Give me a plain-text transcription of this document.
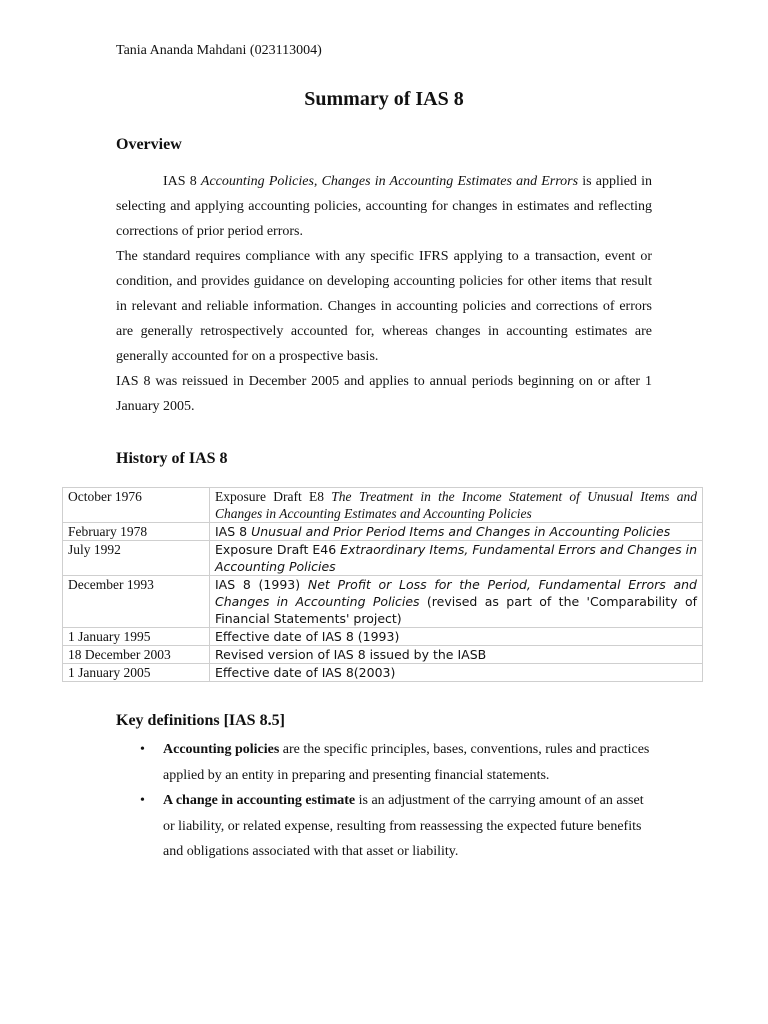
Tania Ananda Mahdani (023113004)
Summary of IAS 8
Overview

IAS 8 Accounting Policies, Changes in Accounting Estimates and Errors is applied in selecting and applying accounting policies, accounting for changes in estimates and reflecting corrections of prior period errors.

The standard requires compliance with any specific IFRS applying to a transaction, event or condition, and provides guidance on developing accounting policies for other items that result in relevant and reliable information. Changes in accounting policies and corrections of errors are generally retrospectively accounted for, whereas changes in accounting estimates are generally accounted for on a prospective basis.

IAS 8 was reissued in December 2005 and applies to annual periods beginning on or after 1 January 2005.

History of IAS 8
October 1976	Exposure Draft E8 The Treatment in the Income Statement of Unusual Items and Changes in Accounting Estimates and Accounting Policies
February 1978	IAS 8 Unusual and Prior Period Items and Changes in Accounting Policies
July 1992	Exposure Draft E46 Extraordinary Items, Fundamental Errors and Changes in Accounting Policies
December 1993	IAS 8 (1993) Net Profit or Loss for the Period, Fundamental Errors and Changes in Accounting Policies (revised as part of the 'Comparability of Financial Statements' project)
1 January 1995	Effective date of IAS 8 (1993)
18 December 2003	Revised version of IAS 8 issued by the IASB
1 January 2005	Effective date of IAS 8(2003)
Key definitions [IAS 8.5]
• Accounting policies are the specific principles, bases, conventions, rules and practices applied by an entity in preparing and presenting financial statements.
• A change in accounting estimate is an adjustment of the carrying amount of an asset or liability, or related expense, resulting from reassessing the expected future benefits and obligations associated with that asset or liability.
